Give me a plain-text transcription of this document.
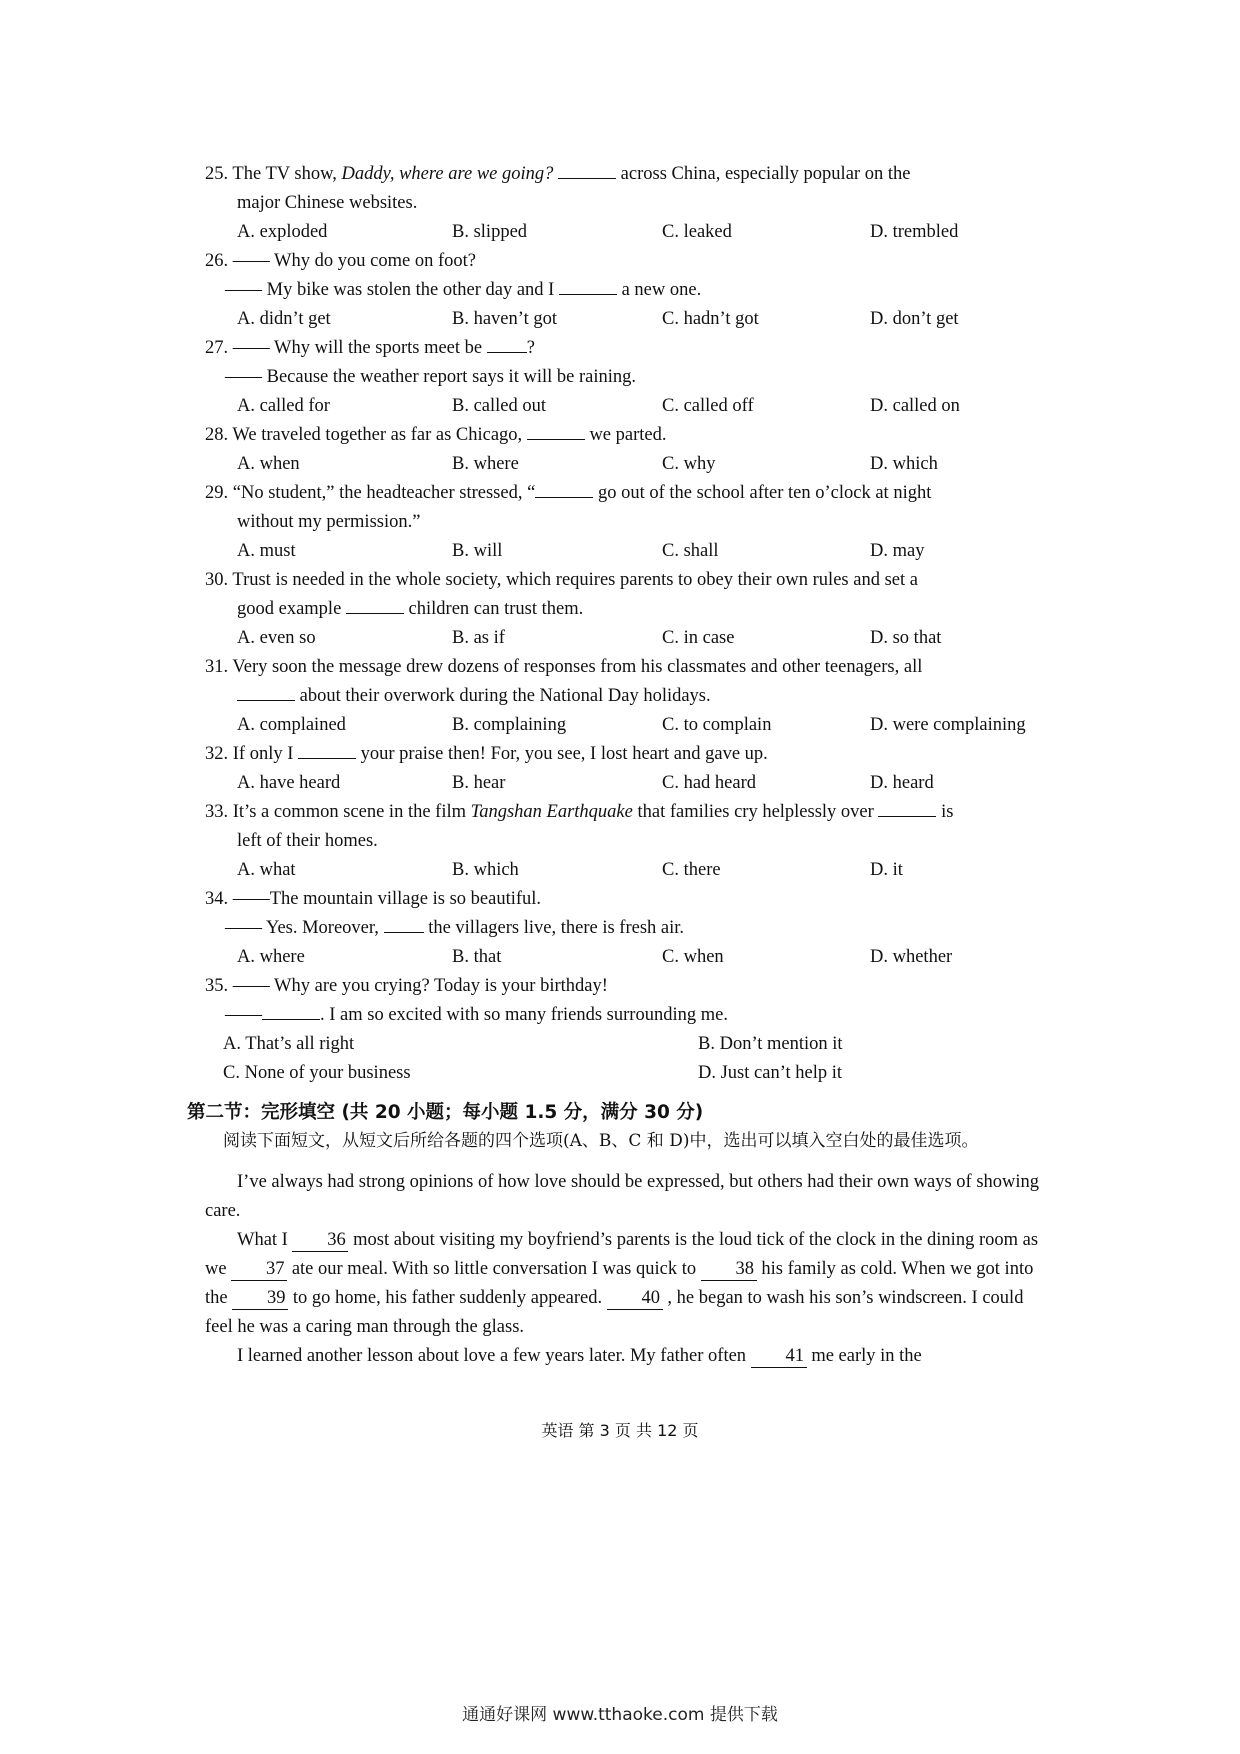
25. The TV show, Daddy, where are we going?	across China, especially popular on the
major Chinese websites.
A. exploded	B. slipped	C. leaked	D. trembled
26. —— Why do you come on foot?
—— My bike was stolen the other day and I	a new one.
A. didn’t get	B. haven’t got	C. hadn’t got	D. don’t get
27. —— Why will the sports meet be ?
—— Because the weather report says it will be raining.
A. called for	B. called out	C. called off	D. called on
28. We traveled together as far as Chicago,	we parted.
A. when	B. where	C. why	D. which
29. “No student,” the headteacher stressed, “	go out of the school after ten o’clock at night
without my permission.”
A. must	B. will	C. shall	D. may
30. Trust is needed in the whole society, which requires parents to obey their own rules and set a
good example	children can trust them.
A. even so	B. as if	C. in case	D. so that
31. Very soon the message drew dozens of responses from his classmates and other teenagers, all
about their overwork during the National Day holidays.
A. complained	B. complaining	C. to complain	D. were complaining
32. If only I	your praise then! For, you see, I lost heart and gave up.
A. have heard	B. hear	C. had heard	D. heard
33. It’s a common scene in the film Tangshan Earthquake that families cry helplessly over	is
left of their homes.
A. what	B. which	C. there	D. it
34. ——The mountain village is so beautiful.
—— Yes. Moreover,  the villagers live, there is fresh air.
A. where	B. that	C. when	D. whether
35. —— Why are you crying? Today is your birthday!
——	. I am so excited with so many friends surrounding me.
A. That’s all right	B. Don’t mention it
C. None of your business	D. Just can’t help it
第二节：完形填空 (共 20 小题；每小题 1.5 分，满分 30 分)
阅读下面短文，从短文后所给各题的四个选项(A、B、C 和 D)中，选出可以填入空白处的最佳选项。
I’ve always had strong opinions of how love should be expressed, but others had their own ways of showing care.
What I 36 most about visiting my boyfriend’s parents is the loud tick of the clock in the dining room as we 37 ate our meal. With so little conversation I was quick to 38 his family as cold. When we got into the 39 to go home, his father suddenly appeared. 40 , he began to wash his son’s windscreen. I could feel he was a caring man through the glass.
I learned another lesson about love a few years later. My father often 41 me early in the
英语 第 3 页 共 12 页
通通好课网 www.tthaoke.com 提供下载
